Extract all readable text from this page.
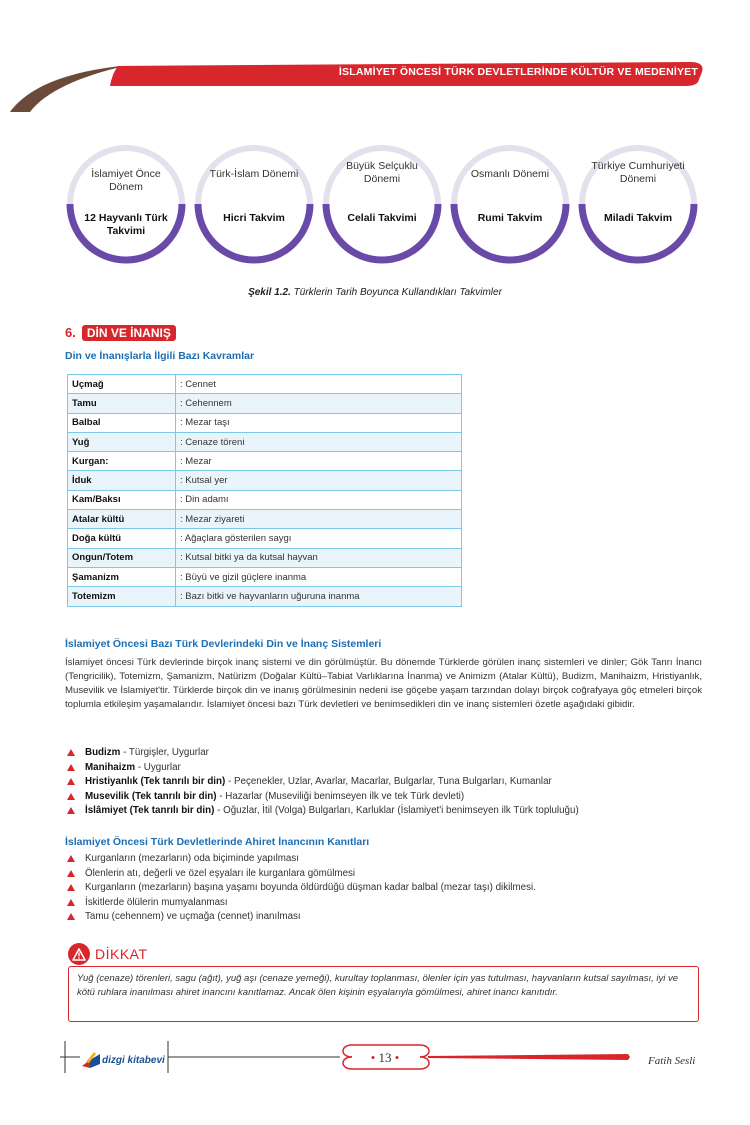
İSLAMİYET ÖNCESİ TÜRK DEVLETLERİNDE KÜLTÜR VE MEDENİYET
İslamiyet Önce Dönem
12 Hayvanlı Türk Takvimi
Türk-İslam Dönemi
Hicri Takvim
Büyük Selçuklu Dönemi
Celali Takvimi
Osmanlı Dönemi
Rumi Takvim
Türkiye Cumhuriyeti Dönemi
Miladi Takvim
Şekil 1.2. Türklerin Tarih Boyunca Kullandıkları Takvimler
6. DİN VE İNANIŞ
Din ve İnanışlarla İlgili Bazı Kavramlar
Uçmağ	: Cennet
Tamu	: Cehennem
Balbal	: Mezar taşı
Yuğ	: Cenaze töreni
Kurgan:	: Mezar
İduk	: Kutsal yer
Kam/Baksı	: Din adamı
Atalar kültü	: Mezar ziyareti
Doğa kültü	: Ağaçlara gösterilen saygı
Ongun/Totem	: Kutsal bitki ya da kutsal hayvan
Şamanizm	: Büyü ve gizil güçlere inanma
Totemizm	: Bazı bitki ve hayvanların uğuruna inanma
İslamiyet Öncesi Bazı Türk Devlerindeki Din ve İnanç Sistemleri
İslamiyet öncesi Türk devlerinde birçok inanç sistemi ve din görülmüştür. Bu dönemde Türklerde görülen inanç sistemleri ve dinler; Gök Tanrı İnancı (Tengricilik), Totemizm, Şamanizm, Natürizm (Doğalar Kültü–Tabiat Varlıklarına İnanma) ve Animizm (Atalar Kültü), Budizm, Manihaizm, Hristiyanlık, Musevilik ve İslamiyet'tir. Türklerde birçok din ve inanış görülmesinin nedeni ise göçebe yaşam tarzından dolayı birçok coğrafyaya göç etmeleri birçok toplumla etkileşim yaşamalarıdır. İslamiyet öncesi bazı Türk devletleri ve benimsedikleri din ve inanç sistemleri özetle aşağıdaki gibidir.
Budizm - Türgişler, Uygurlar
Manihaizm - Uygurlar
Hristiyanlık (Tek tanrılı bir din) - Peçenekler, Uzlar, Avarlar, Macarlar, Bulgarlar, Tuna Bulgarları, Kumanlar
Musevilik (Tek tanrılı bir din) - Hazarlar (Museviliği benimseyen ilk ve tek Türk devleti)
İslâmiyet (Tek tanrılı bir din) - Oğuzlar, İtil (Volga) Bulgarları, Karluklar (İslamiyet'i benimseyen ilk Türk topluluğu)
İslamiyet Öncesi Türk Devletlerinde Ahiret İnancının Kanıtları
Kurganların (mezarların) oda biçiminde yapılması
Ölenlerin atı, değerli ve özel eşyaları ile kurganlara gömülmesi
Kurganların (mezarların) başına yaşamı boyunda öldürdüğü düşman kadar balbal (mezar taşı) dikilmesi.
İskitlerde ölülerin mumyalanması
Tamu (cehennem) ve uçmağa (cennet) inanılması
DİKKAT
Yuğ (cenaze) törenleri, sagu (ağıt), yuğ aşı (cenaze yemeği), kurultay toplanması, ölenler için yas tutulması, hayvanların kutsal sayılması, iyi ve kötü ruhlara inanılması ahiret inancını kanıtlamaz. Ancak ölen kişinin eşyalarıyla gömülmesi, ahiret inancı kanıtıdır.
dizgi kitabevi	• 13 •	Fatih Sesli
